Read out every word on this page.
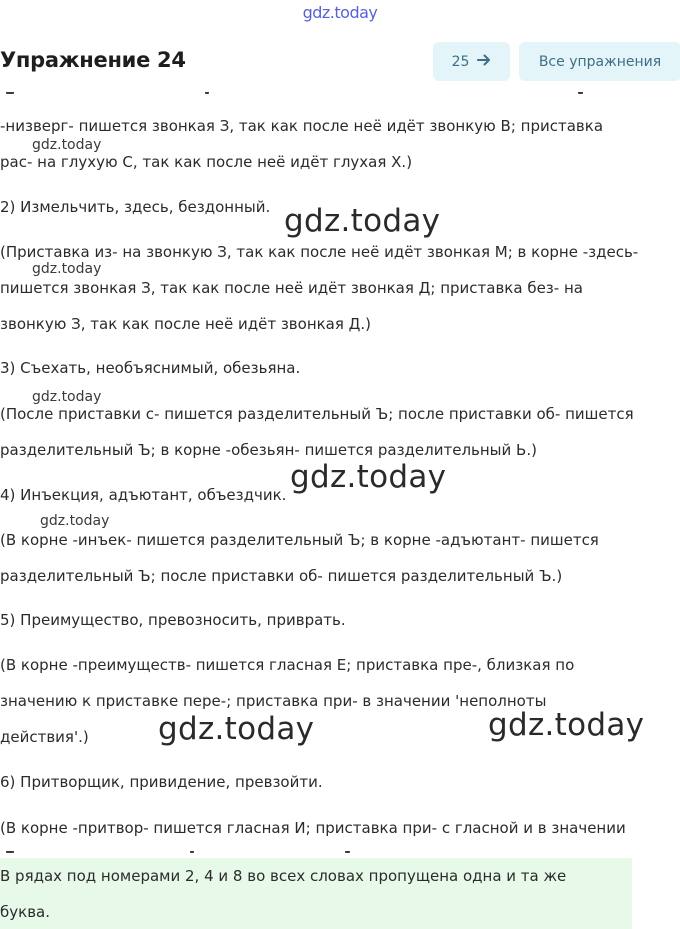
gdz.today
Упражнение 24	25	Все упражнения
-низверг- пишется звонкая З, так как после неё идёт звонкую В; приставка
рас- на глухую С, так как после неё идёт глухая Х.)
2) Измельчить, здесь, бездонный.
(Приставка из- на звонкую З, так как после неё идёт звонкая М; в корне -здесь-
пишется звонкая З, так как после неё идёт звонкая Д; приставка без- на
звонкую З, так как после неё идёт звонкая Д.)
3) Съехать, необъяснимый, обезьяна.
(После приставки с- пишется разделительный Ъ; после приставки об- пишется
разделительный Ъ; в корне -обезьян- пишется разделительный Ь.)
4) Инъекция, адъютант, объездчик.
(В корне -инъек- пишется разделительный Ъ; в корне -адъютант- пишется
разделительный Ъ; после приставки об- пишется разделительный Ъ.)
5) Преимущество, превозносить, приврать.
(В корне -преимуществ- пишется гласная Е; приставка пре-, близкая по
значению к приставке пере-; приставка при- в значении 'неполноты
действия'.)
6) Притворщик, привидение, превзойти.
(В корне -притвор- пишется гласная И; приставка при- с гласной и в значении
gdz.today
gdz.today
gdz.today
gdz.today
gdz.today
gdz.today
gdz.today	gdz.today
В рядах под номерами 2, 4 и 8 во всех словах пропущена одна и та же
буква.
